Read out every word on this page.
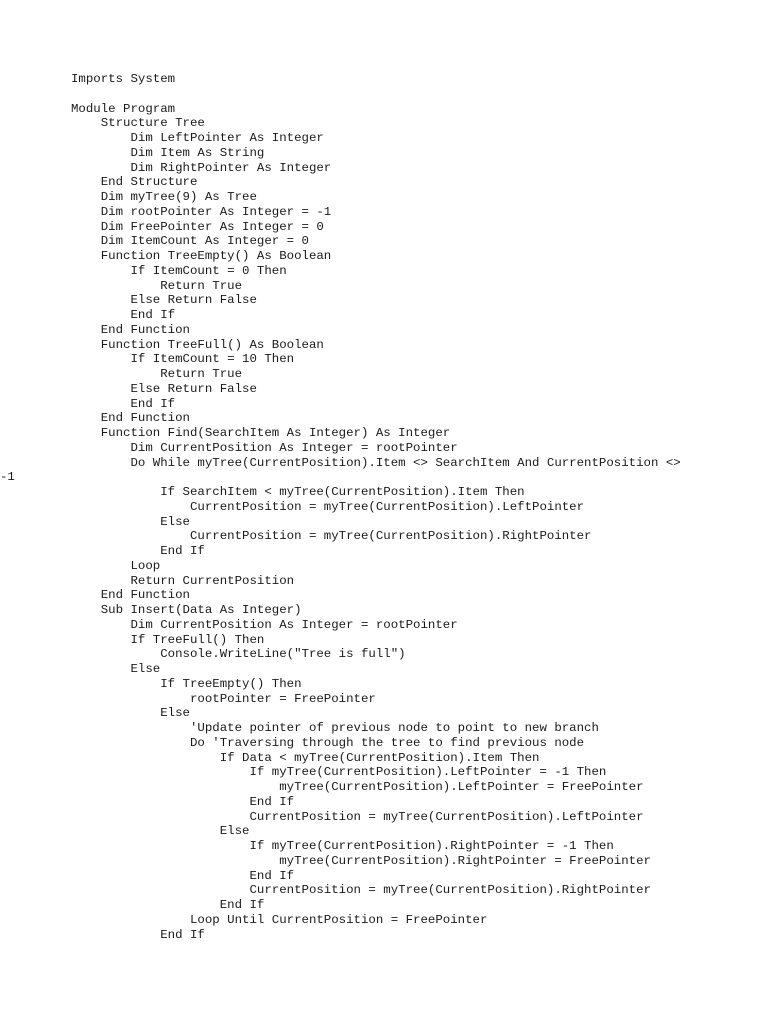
Imports System
Module Program
Structure Tree
Dim LeftPointer As Integer
Dim Item As String
Dim RightPointer As Integer
End Structure
Dim myTree(9) As Tree
Dim rootPointer As Integer = -1
Dim FreePointer As Integer = 0
Dim ItemCount As Integer = 0
Function TreeEmpty() As Boolean
If ItemCount = 0 Then
Return True
Else Return False
End If
End Function
Function TreeFull() As Boolean
If ItemCount = 10 Then
Return True
Else Return False
End If
End Function
Function Find(SearchItem As Integer) As Integer
Dim CurrentPosition As Integer = rootPointer
Do While myTree(CurrentPosition).Item <> SearchItem And CurrentPosition <>
-1
If SearchItem < myTree(CurrentPosition).Item Then
CurrentPosition = myTree(CurrentPosition).LeftPointer
Else
CurrentPosition = myTree(CurrentPosition).RightPointer
End If
Loop
Return CurrentPosition
End Function
Sub Insert(Data As Integer)
Dim CurrentPosition As Integer = rootPointer
If TreeFull() Then
Console.WriteLine("Tree is full")
Else
If TreeEmpty() Then
rootPointer = FreePointer
Else
'Update pointer of previous node to point to new branch
Do 'Traversing through the tree to find previous node
If Data < myTree(CurrentPosition).Item Then
If myTree(CurrentPosition).LeftPointer = -1 Then
myTree(CurrentPosition).LeftPointer = FreePointer
End If
CurrentPosition = myTree(CurrentPosition).LeftPointer
Else
If myTree(CurrentPosition).RightPointer = -1 Then
myTree(CurrentPosition).RightPointer = FreePointer
End If
CurrentPosition = myTree(CurrentPosition).RightPointer
End If
Loop Until CurrentPosition = FreePointer
End If
